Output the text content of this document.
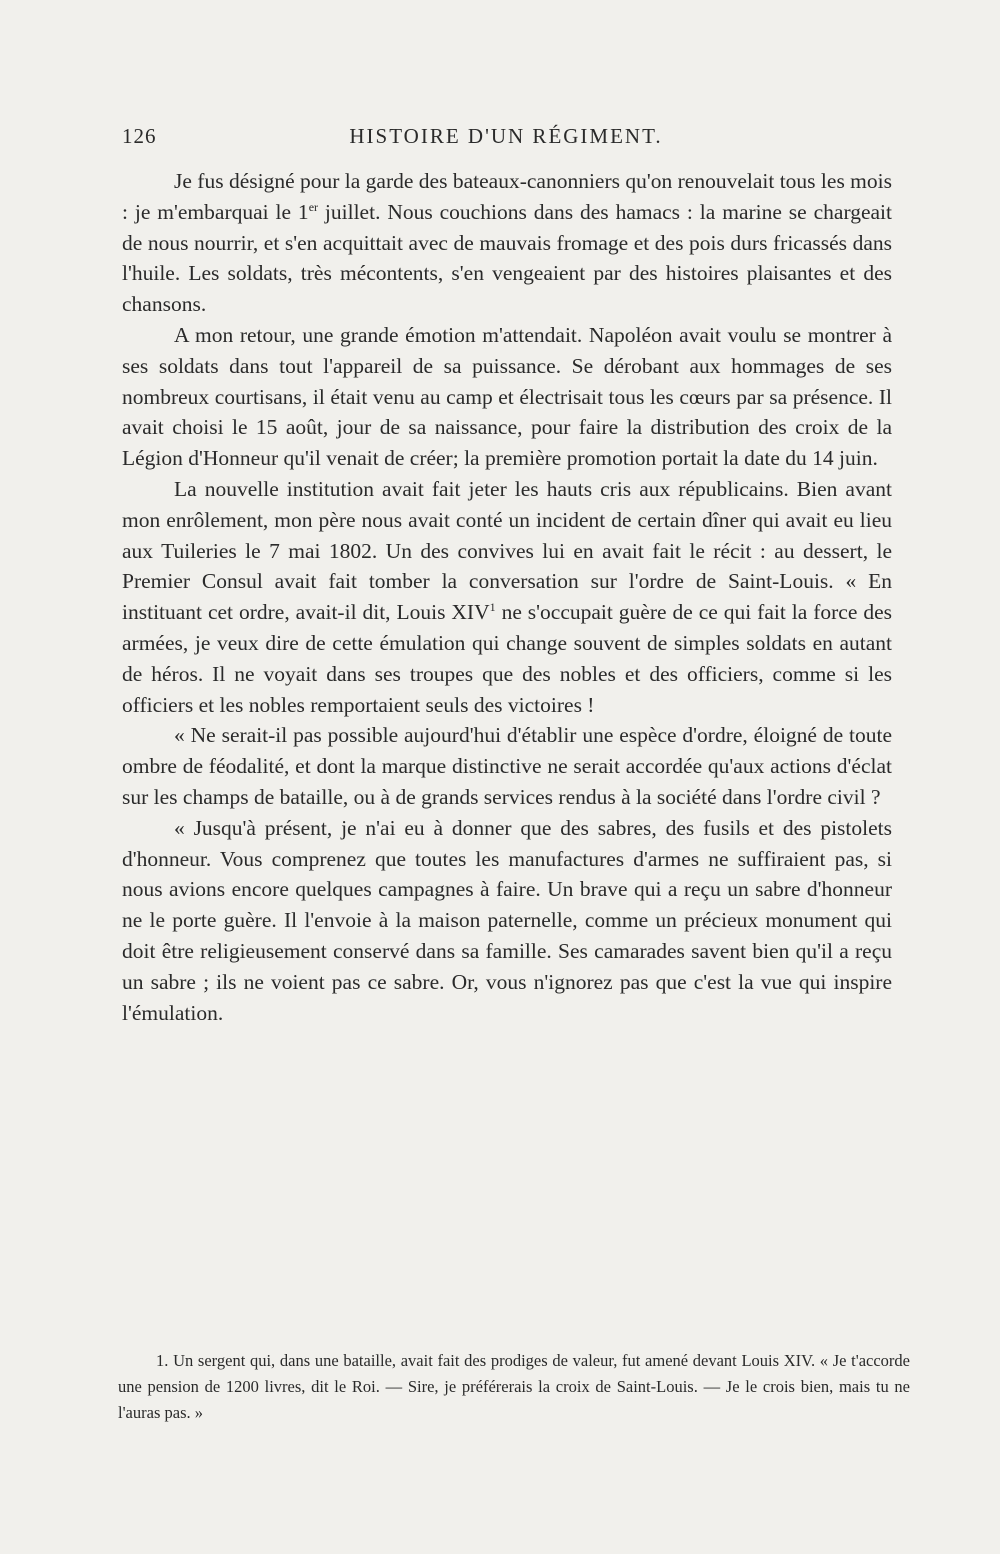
126	HISTOIRE D'UN RÉGIMENT.

Je fus désigné pour la garde des bateaux-canonniers qu'on renouvelait tous les mois : je m'embarquai le 1er juillet. Nous couchions dans des hamacs : la marine se chargeait de nous nourrir, et s'en acquittait avec de mauvais fromage et des pois durs fricassés dans l'huile. Les soldats, très mécontents, s'en vengeaient par des histoires plaisantes et des chansons.

A mon retour, une grande émotion m'attendait. Napoléon avait voulu se montrer à ses soldats dans tout l'appareil de sa puissance. Se dérobant aux hommages de ses nombreux courtisans, il était venu au camp et électrisait tous les cœurs par sa présence. Il avait choisi le 15 août, jour de sa naissance, pour faire la distribution des croix de la Légion d'Honneur qu'il venait de créer; la première promotion portait la date du 14 juin.

La nouvelle institution avait fait jeter les hauts cris aux républicains. Bien avant mon enrôlement, mon père nous avait conté un incident de certain dîner qui avait eu lieu aux Tuileries le 7 mai 1802. Un des convives lui en avait fait le récit : au dessert, le Premier Consul avait fait tomber la conversation sur l'ordre de Saint-Louis. « En instituant cet ordre, avait-il dit, Louis XIV$^1$ ne s'occupait guère de ce qui fait la force des armées, je veux dire de cette émulation qui change souvent de simples soldats en autant de héros. Il ne voyait dans ses troupes que des nobles et des officiers, comme si les officiers et les nobles remportaient seuls des victoires !

« Ne serait-il pas possible aujourd'hui d'établir une espèce d'ordre, éloigné de toute ombre de féodalité, et dont la marque distinctive ne serait accordée qu'aux actions d'éclat sur les champs de bataille, ou à de grands services rendus à la société dans l'ordre civil ?

« Jusqu'à présent, je n'ai eu à donner que des sabres, des fusils et des pistolets d'honneur. Vous comprenez que toutes les manufactures d'armes ne suffiraient pas, si nous avions encore quelques campagnes à faire. Un brave qui a reçu un sabre d'honneur ne le porte guère. Il l'envoie à la maison paternelle, comme un précieux monument qui doit être religieusement conservé dans sa famille. Ses camarades savent bien qu'il a reçu un sabre ; ils ne voient pas ce sabre. Or, vous n'ignorez pas que c'est la vue qui inspire l'émulation.

1. Un sergent qui, dans une bataille, avait fait des prodiges de valeur, fut amené devant Louis XIV. « Je t'accorde une pension de 1200 livres, dit le Roi. — Sire, je préférerais la croix de Saint-Louis. — Je le crois bien, mais tu ne l'auras pas. »
